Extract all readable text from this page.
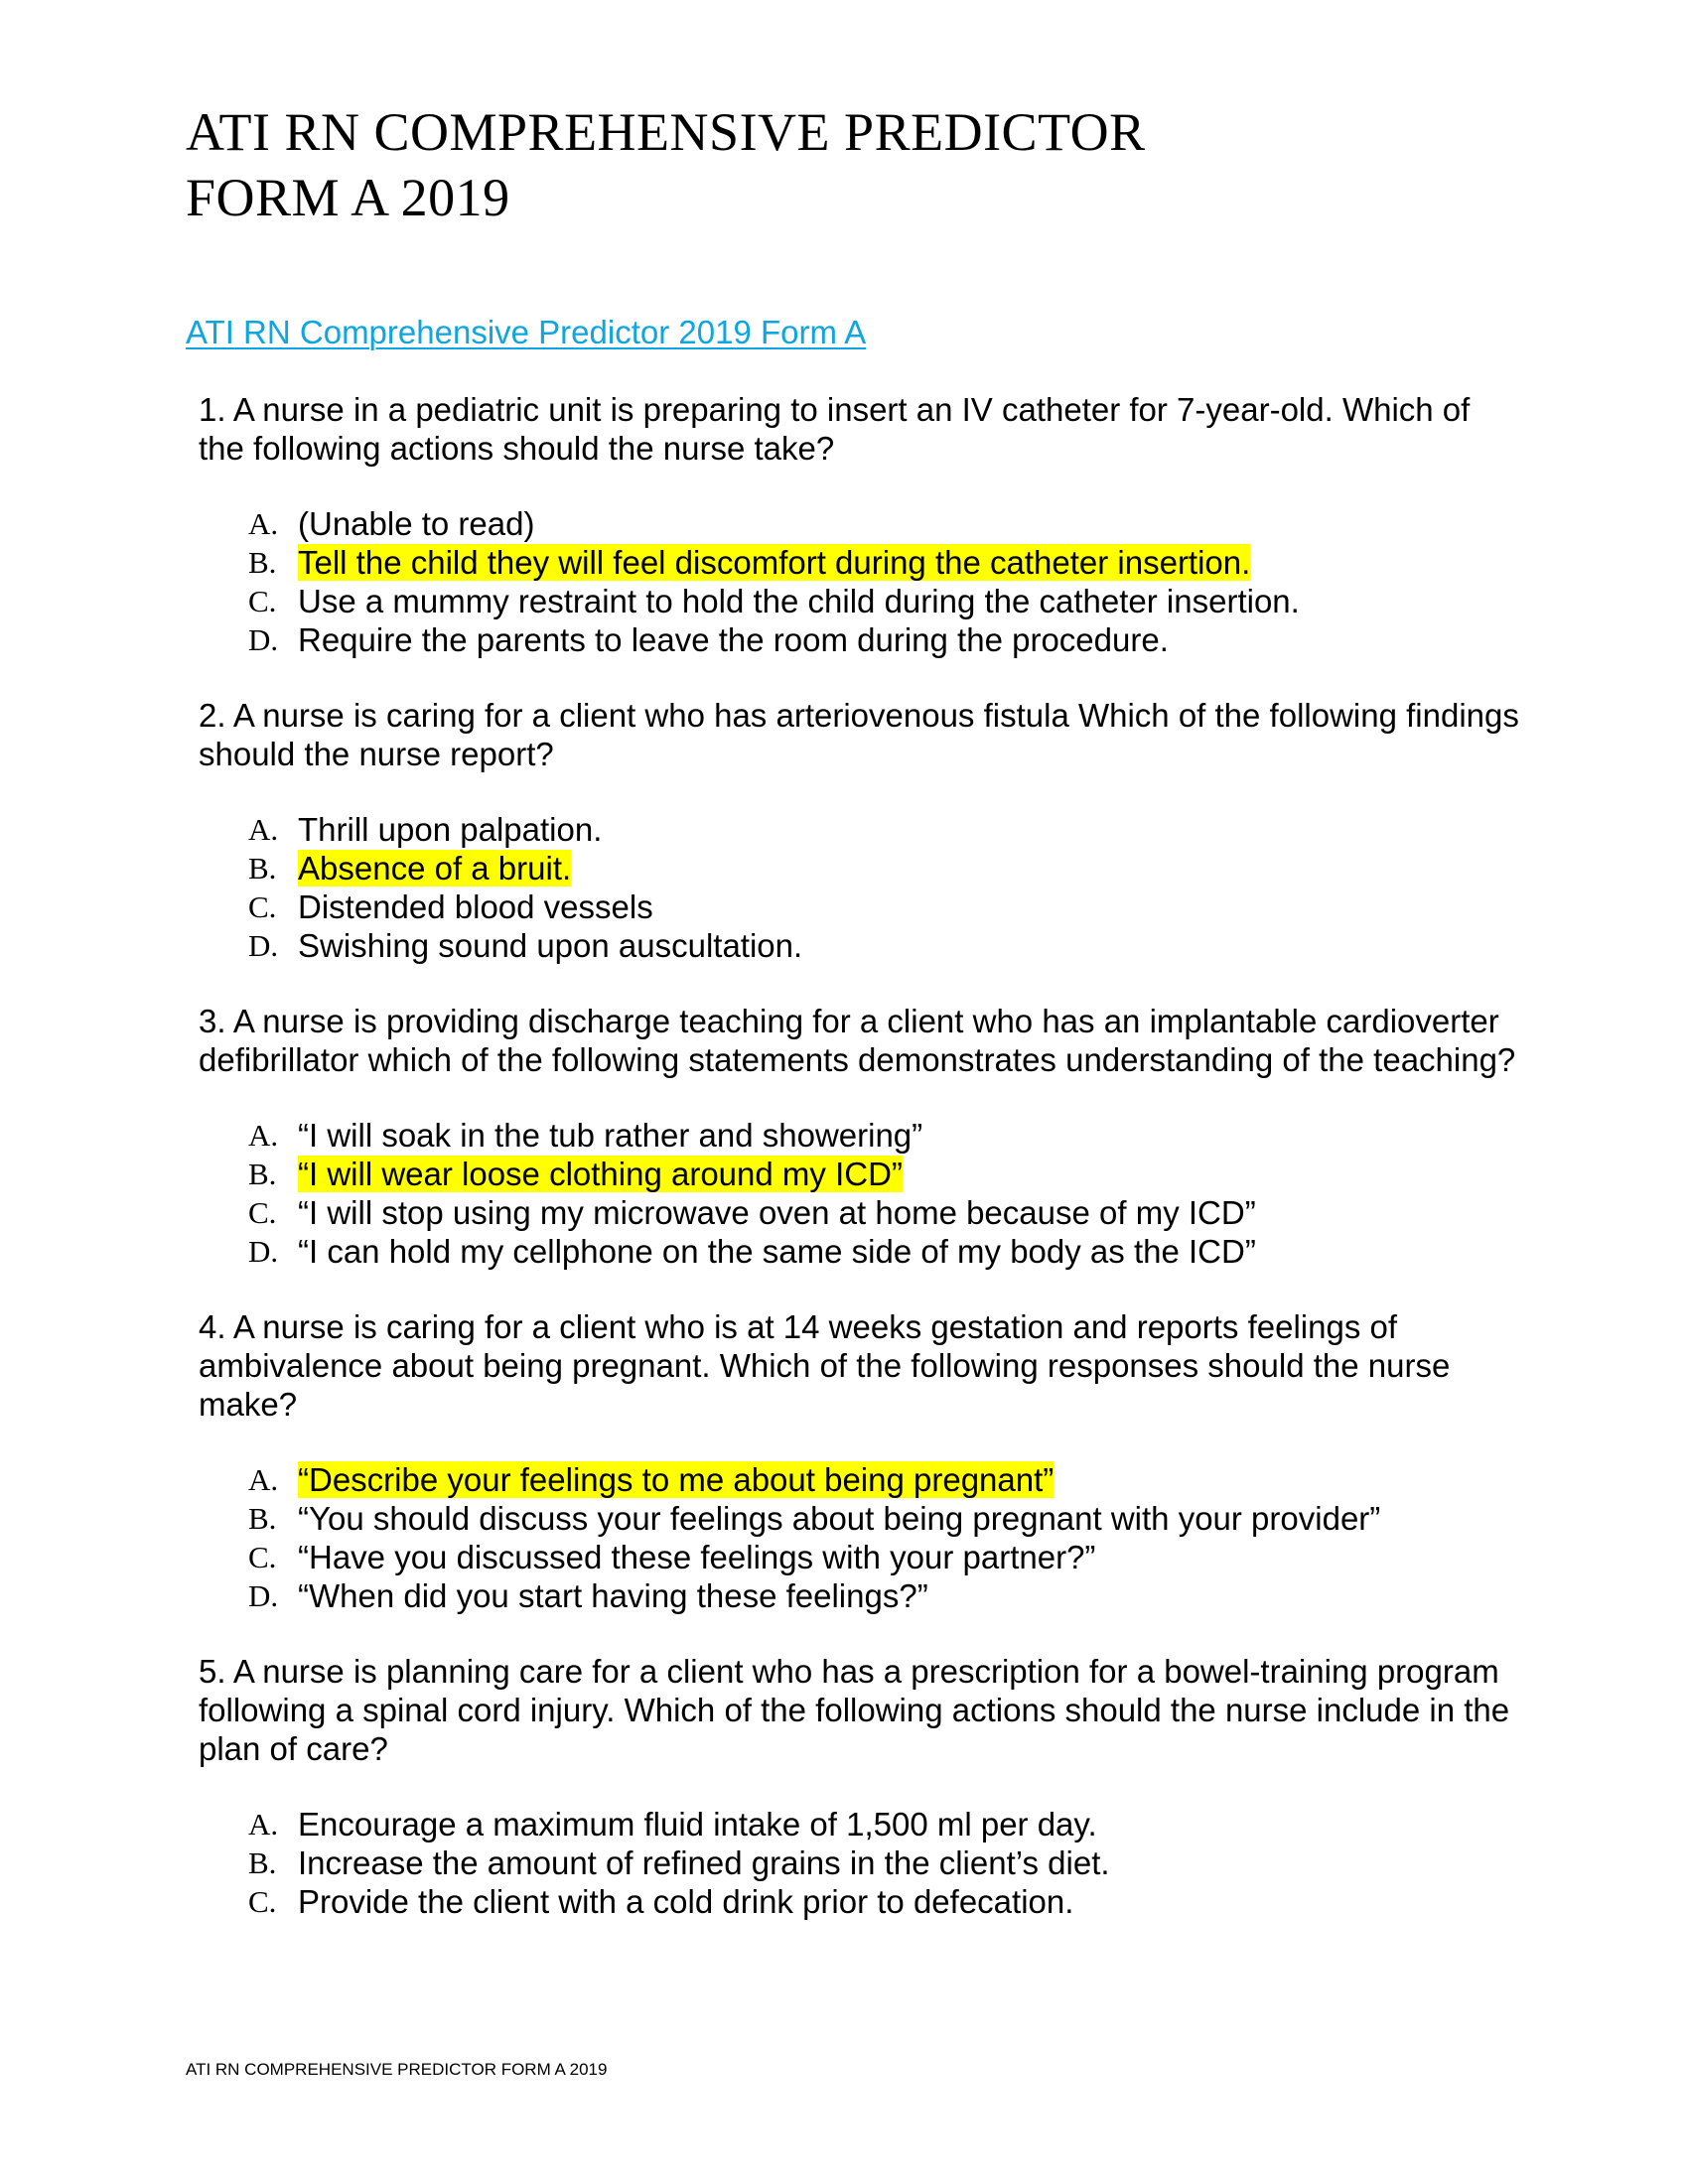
ATI RN COMPREHENSIVE PREDICTOR
FORM A 2019
ATI RN Comprehensive Predictor 2019 Form A

1. A nurse in a pediatric unit is preparing to insert an IV catheter for 7-year-old. Which of the following actions should the nurse take?

A. (Unable to read)
B. Tell the child they will feel discomfort during the catheter insertion.
C. Use a mummy restraint to hold the child during the catheter insertion.
D. Require the parents to leave the room during the procedure.

2. A nurse is caring for a client who has arteriovenous fistula Which of the following findings should the nurse report?

A. Thrill upon palpation.
B. Absence of a bruit.
C. Distended blood vessels
D. Swishing sound upon auscultation.

3. A nurse is providing discharge teaching for a client who has an implantable cardioverter defibrillator which of the following statements demonstrates understanding of the teaching?

A. “I will soak in the tub rather and showering”
B. “I will wear loose clothing around my ICD”
C. “I will stop using my microwave oven at home because of my ICD”
D. “I can hold my cellphone on the same side of my body as the ICD”

4. A nurse is caring for a client who is at 14 weeks gestation and reports feelings of ambivalence about being pregnant. Which of the following responses should the nurse make?

A. “Describe your feelings to me about being pregnant”
B. “You should discuss your feelings about being pregnant with your provider”
C. “Have you discussed these feelings with your partner?”
D. “When did you start having these feelings?”

5. A nurse is planning care for a client who has a prescription for a bowel-training program following a spinal cord injury. Which of the following actions should the nurse include in the plan of care?

A. Encourage a maximum fluid intake of 1,500 ml per day.
B. Increase the amount of refined grains in the client’s diet.
C. Provide the client with a cold drink prior to defecation.
ATI RN COMPREHENSIVE PREDICTOR FORM A 2019
